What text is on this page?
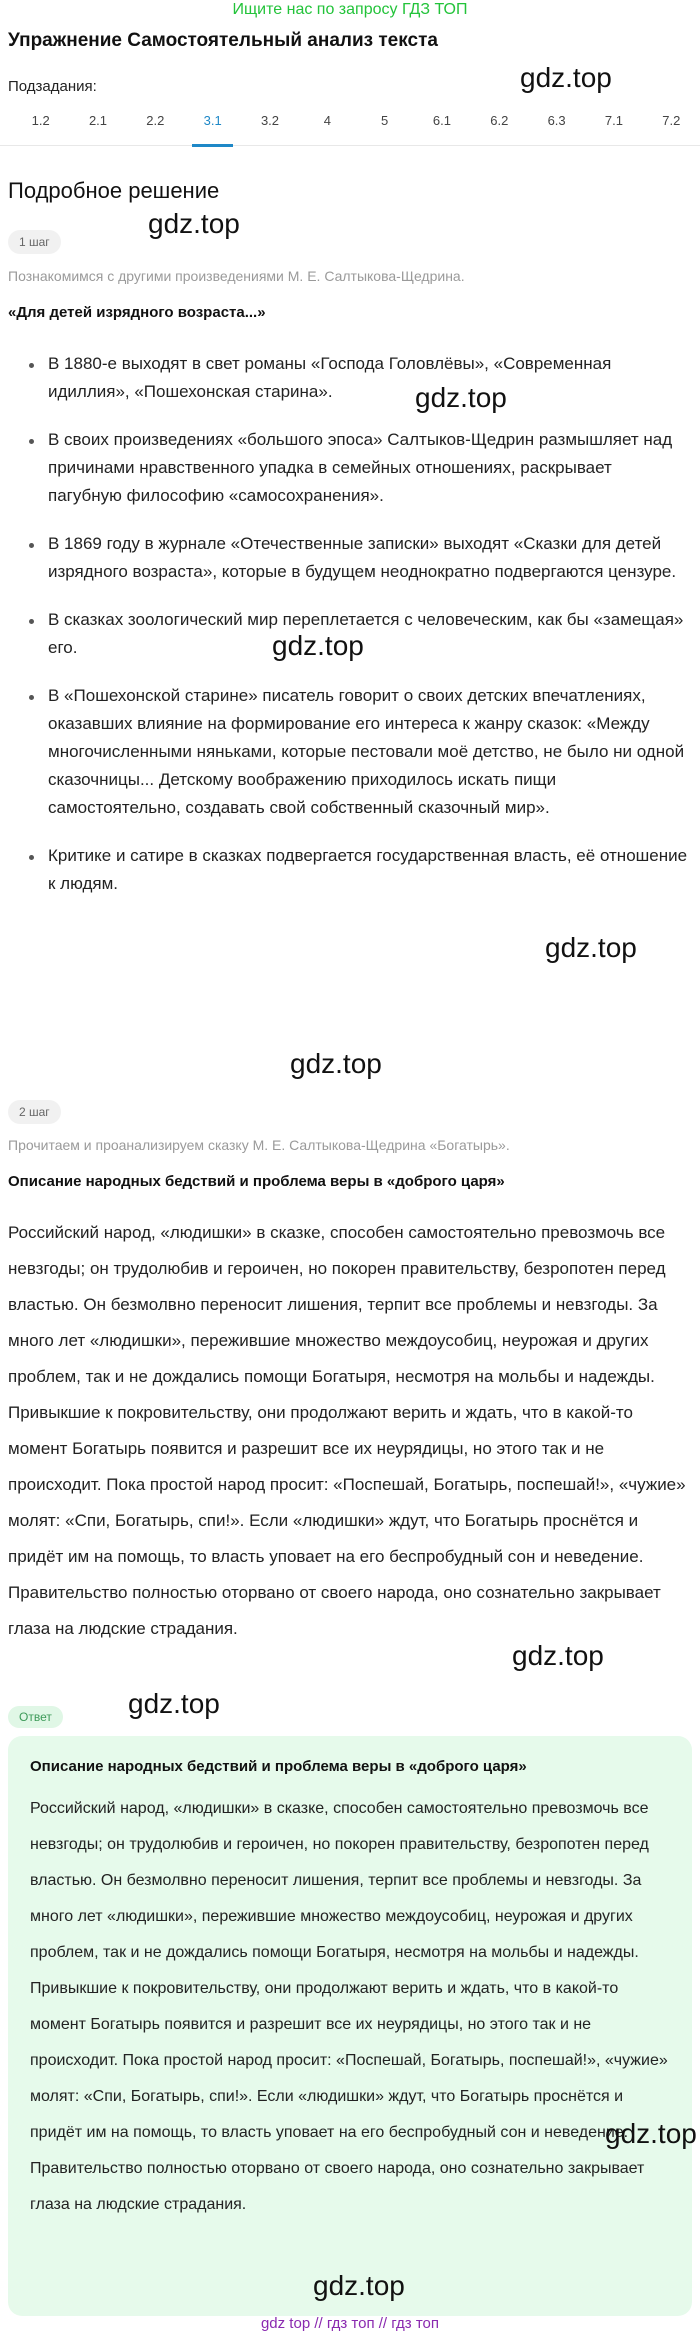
Ищите нас по запросу ГДЗ ТОП
Упражнение Самостоятельный анализ текста
Подзадания:
1.2	2.1	2.2	3.1	3.2	4	5	6.1	6.2	6.3	7.1	7.2
Подробное решение
1 шаг
Познакомимся с другими произведениями М. Е. Салтыкова-Щедрина.
«Для детей изрядного возраста...»
В 1880-е выходят в свет романы «Господа Головлёвы», «Современная идиллия», «Пошехонская старина».
В своих произведениях «большого эпоса» Салтыков-Щедрин размышляет над причинами нравственного упадка в семейных отношениях, раскрывает пагубную философию «самосохранения».
В 1869 году в журнале «Отечественные записки» выходят «Сказки для детей изрядного возраста», которые в будущем неоднократно подвергаются цензуре.
В сказках зоологический мир переплетается с человеческим, как бы «замещая» его.
В «Пошехонской старине» писатель говорит о своих детских впечатлениях, оказавших влияние на формирование его интереса к жанру сказок: «Между многочисленными няньками, которые пестовали моё детство, не было ни одной сказочницы... Детскому воображению приходилось искать пищи самостоятельно, создавать свой собственный сказочный мир».
Критике и сатире в сказках подвергается государственная власть, её отношение к людям.
2 шаг
Прочитаем и проанализируем сказку М. Е. Салтыкова-Щедрина «Богатырь».
Описание народных бедствий и проблема веры в «доброго царя»
Российский народ, «людишки» в сказке, способен самостоятельно превозмочь все невзгоды; он трудолюбив и героичен, но покорен правительству, безропотен перед властью. Он безмолвно переносит лишения, терпит все проблемы и невзгоды. За много лет «людишки», пережившие множество междоусобиц, неурожая и других проблем, так и не дождались помощи Богатыря, несмотря на мольбы и надежды. Привыкшие к покровительству, они продолжают верить и ждать, что в какой-то момент Богатырь появится и разрешит все их неурядицы, но этого так и не происходит. Пока простой народ просит: «Поспешай, Богатырь, поспешай!», «чужие» молят: «Спи, Богатырь, спи!». Если «людишки» ждут, что Богатырь проснётся и придёт им на помощь, то власть уповает на его беспробудный сон и неведение. Правительство полностью оторвано от своего народа, оно сознательно закрывает глаза на людские страдания.
Ответ
Описание народных бедствий и проблема веры в «доброго царя»
Российский народ, «людишки» в сказке, способен самостоятельно превозмочь все невзгоды; он трудолюбив и героичен, но покорен правительству, безропотен перед властью. Он безмолвно переносит лишения, терпит все проблемы и невзгоды. За много лет «людишки», пережившие множество междоусобиц, неурожая и других проблем, так и не дождались помощи Богатыря, несмотря на мольбы и надежды. Привыкшие к покровительству, они продолжают верить и ждать, что в какой-то момент Богатырь появится и разрешит все их неурядицы, но этого так и не происходит. Пока простой народ просит: «Поспешай, Богатырь, поспешай!», «чужие» молят: «Спи, Богатырь, спи!». Если «людишки» ждут, что Богатырь проснётся и придёт им на помощь, то власть уповает на его беспробудный сон и неведение. Правительство полностью оторвано от своего народа, оно сознательно закрывает глаза на людские страдания.
gdz.top
gdz.top
gdz.top
gdz.top
gdz.top
gdz.top
gdz.top
gdz.top
gdz.top
gdz.top
gdz top // гдз топ // гдз топ
